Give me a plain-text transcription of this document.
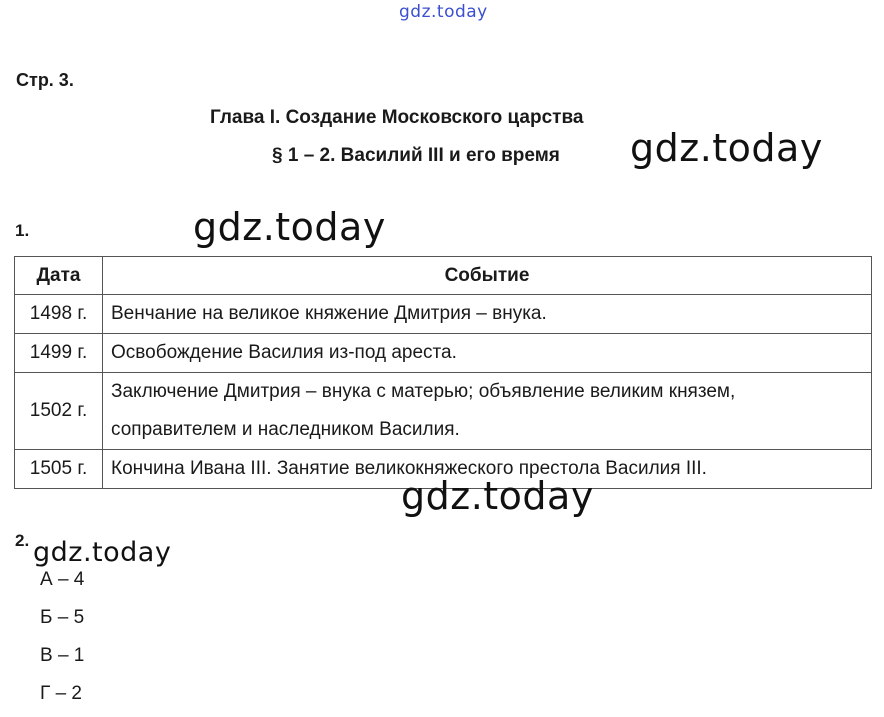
gdz.today
Стр. 3.
Глава I. Создание Московского царства
§ 1 – 2. Василий III и его время
1.
Дата	Событие
1498 г.	Венчание на великое княжение Дмитрия – внука.
1499 г.	Освобождение Василия из-под ареста.
1502 г.	Заключение Дмитрия – внука с матерью; объявление великим князем, соправителем и наследником Василия.
1505 г.	Кончина Ивана III. Занятие великокняжеского престола Василия III.
2.
А – 4
Б – 5
В – 1
Г – 2
gdz.today
gdz.today
gdz.today
gdz.today
